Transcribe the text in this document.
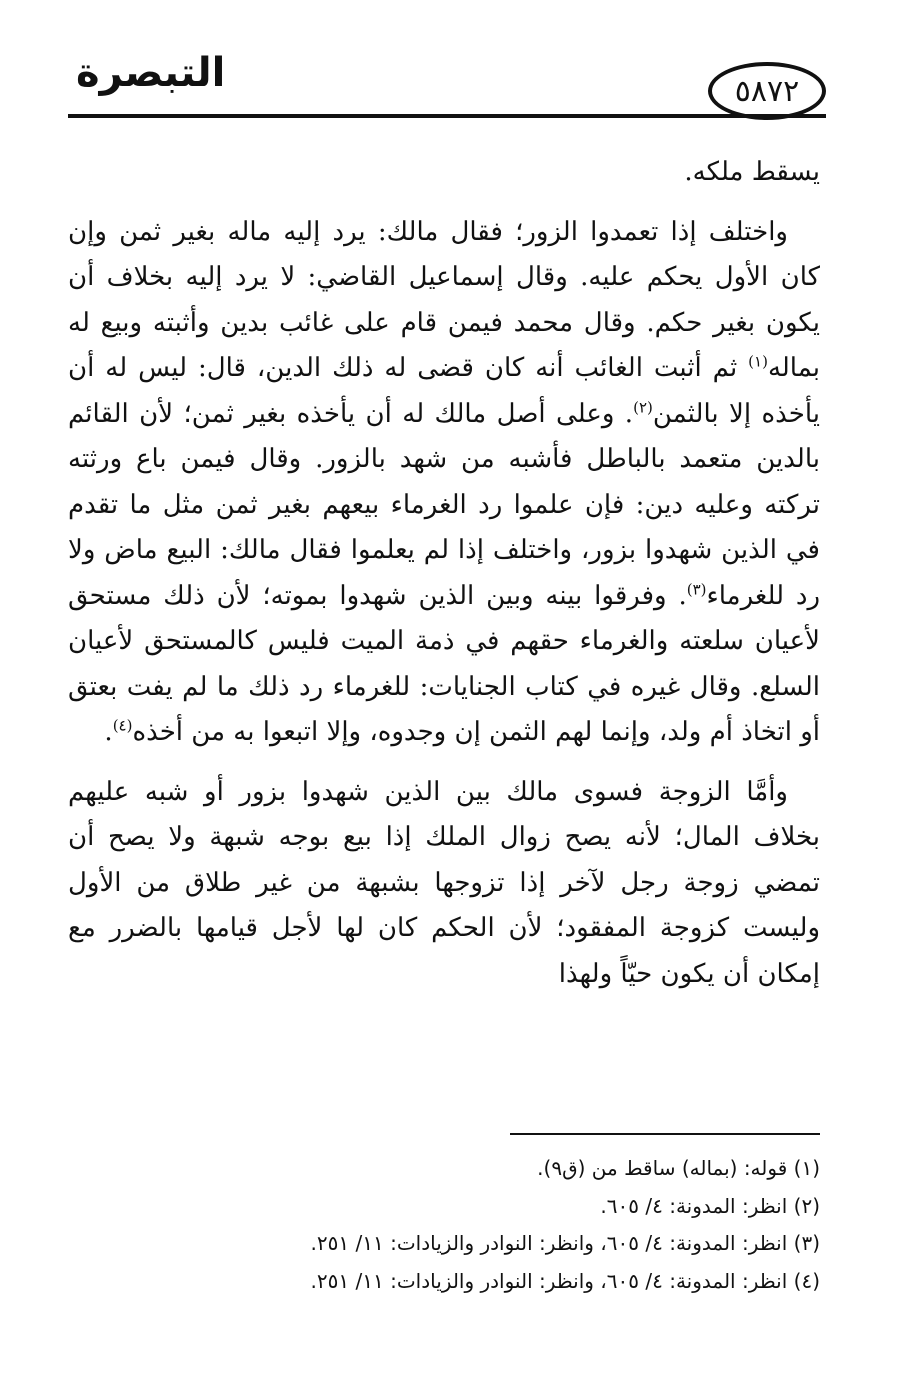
التبصرة	٥٨٧٢

يسقط ملكه.

واختلف إذا تعمدوا الزور؛ فقال مالك: يرد إليه ماله بغير ثمن وإن كان الأول يحكم عليه. وقال إسماعيل القاضي: لا يرد إليه بخلاف أن يكون بغير حكم. وقال محمد فيمن قام على غائب بدين وأثبته وبيع له بماله$^{(١)}$ ثم أثبت الغائب أنه كان قضى له ذلك الدين، قال: ليس له أن يأخذه إلا بالثمن$^{(٢)}$. وعلى أصل مالك له أن يأخذه بغير ثمن؛ لأن القائم بالدين متعمد بالباطل فأشبه من شهد بالزور. وقال فيمن باع ورثته تركته وعليه دين: فإن علموا رد الغرماء بيعهم بغير ثمن مثل ما تقدم في الذين شهدوا بزور، واختلف إذا لم يعلموا فقال مالك: البيع ماض ولا رد للغرماء$^{(٣)}$. وفرقوا بينه وبين الذين شهدوا بموته؛ لأن ذلك مستحق لأعيان سلعته والغرماء حقهم في ذمة الميت فليس كالمستحق لأعيان السلع. وقال غيره في كتاب الجنايات: للغرماء رد ذلك ما لم يفت بعتق أو اتخاذ أم ولد، وإنما لهم الثمن إن وجدوه، وإلا اتبعوا به من أخذه$^{(٤)}$.

وأمَّا الزوجة فسوى مالك بين الذين شهدوا بزور أو شبه عليهم بخلاف المال؛ لأنه يصح زوال الملك إذا بيع بوجه شبهة ولا يصح أن تمضي زوجة رجل لآخر إذا تزوجها بشبهة من غير طلاق من الأول وليست كزوجة المفقود؛ لأن الحكم كان لها لأجل قيامها بالضرر مع إمكان أن يكون حيّاً ولهذا

(١) قوله: (بماله) ساقط من (ق٩).
(٢) انظر: المدونة: ٤/ ٦٠٥.
(٣) انظر: المدونة: ٤/ ٦٠٥، وانظر: النوادر والزيادات: ١١/ ٢٥١.
(٤) انظر: المدونة: ٤/ ٦٠٥، وانظر: النوادر والزيادات: ١١/ ٢٥١.
